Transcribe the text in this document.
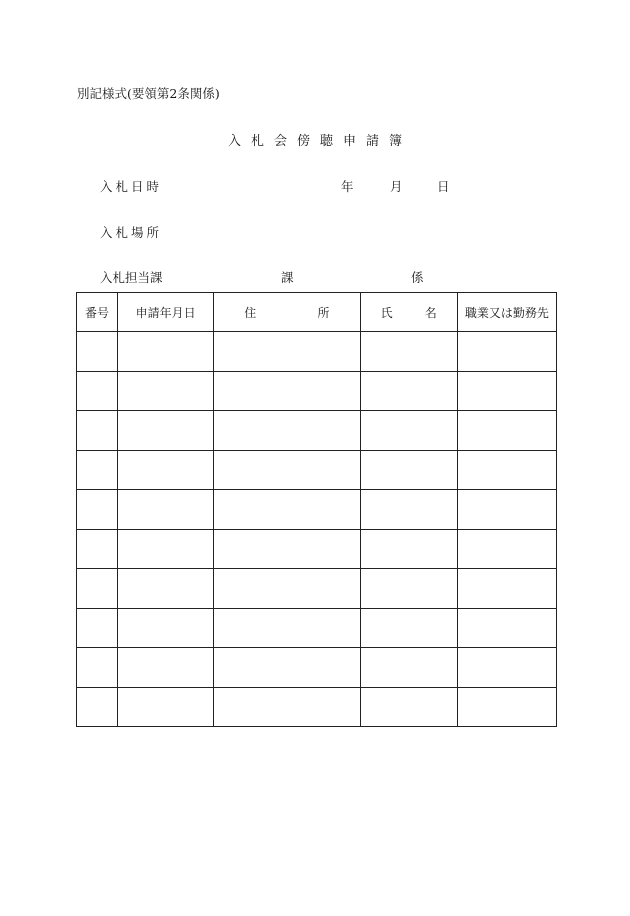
別記様式(要領第2条関係)
入札会傍聴申請簿
入札日時	年	月	日
入札場所
入札担当課	課	係
番号	申請年月日	住 所	氏 名	職業又は勤務先
